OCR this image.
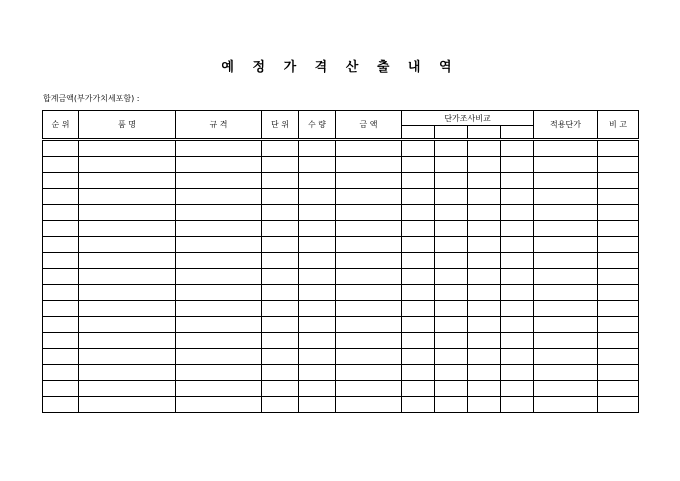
예 정 가 격 산 출 내 역
합계금액(부가가치세포함) :
순 위	품 명	규 격	단 위	수 량	금 액	단가조사비교				적용단가	비 고
